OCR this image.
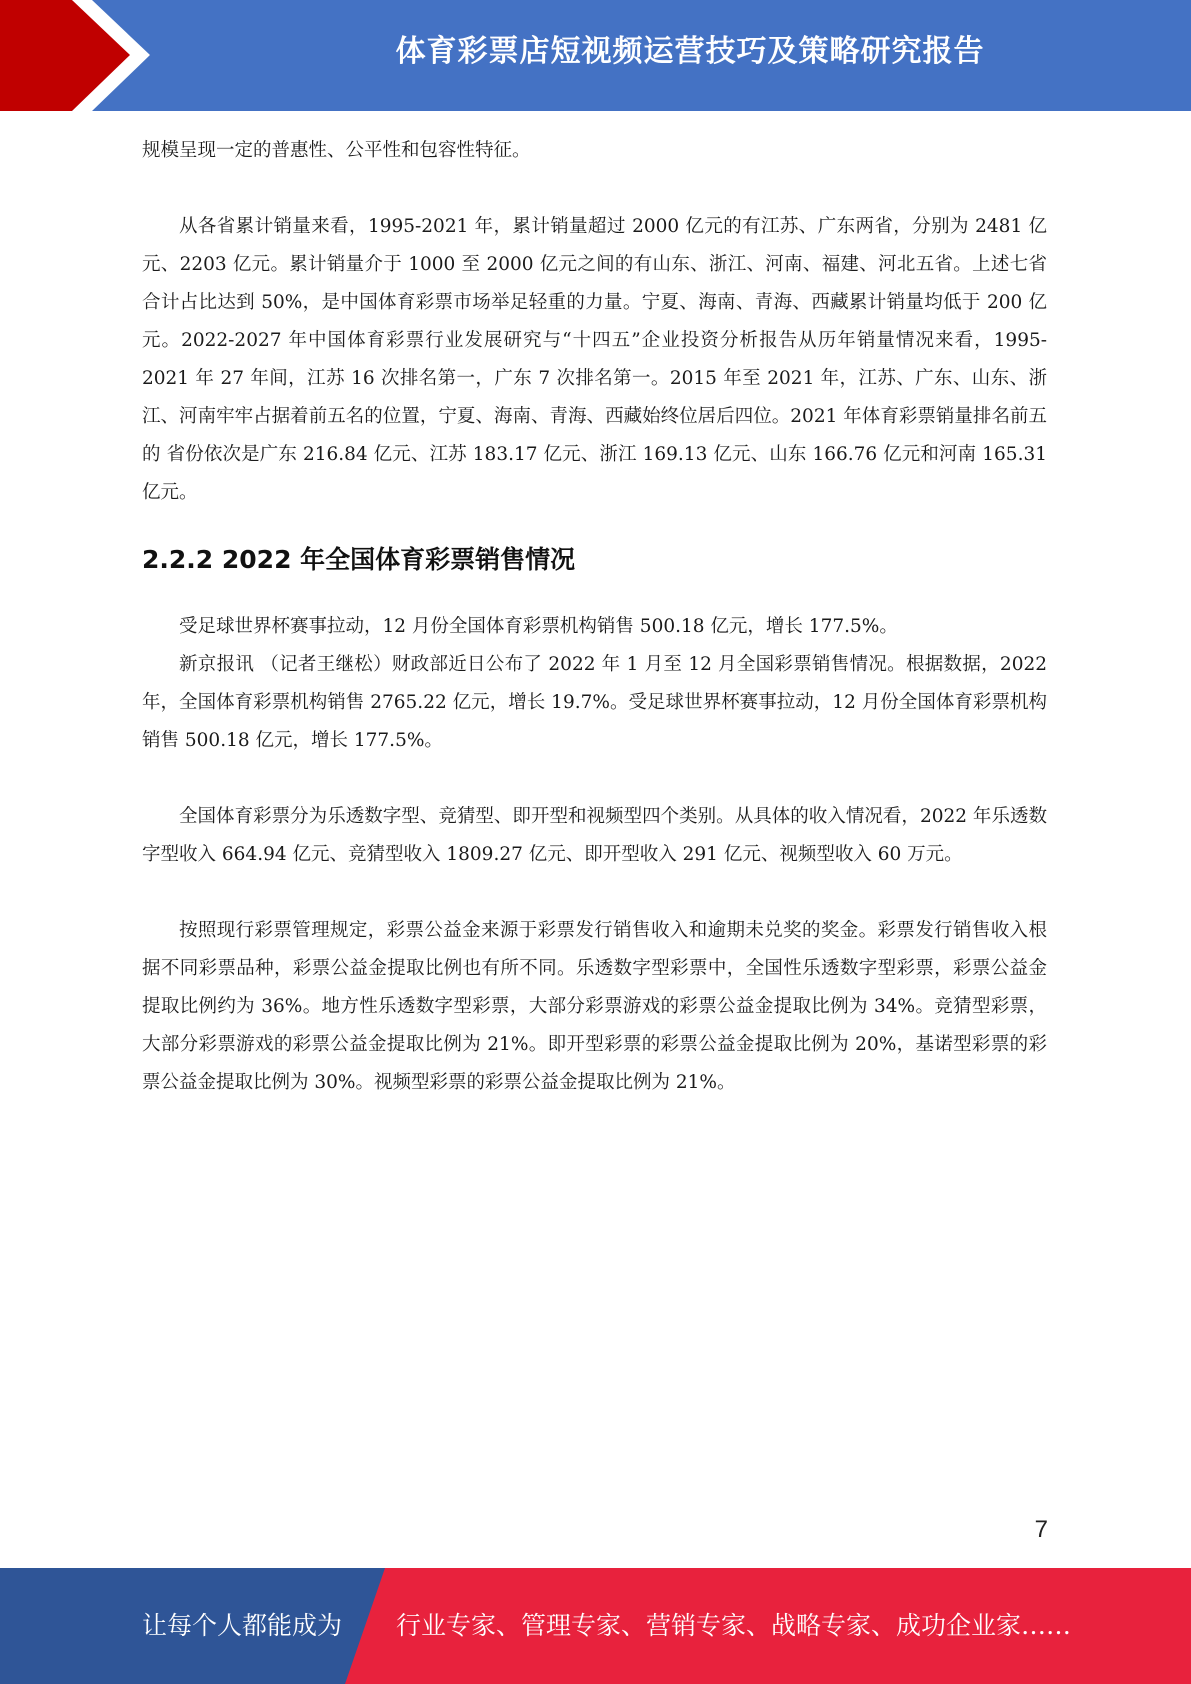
体育彩票店短视频运营技巧及策略研究报告

规模呈现一定的普惠性、公平性和包容性特征。

从各省累计销量来看，1995-2021 年，累计销量超过 2000 亿元的有江苏、广东两省，分别为 2481 亿元、2203 亿元。累计销量介于 1000 至 2000 亿元之间的有山东、浙江、河南、福建、河北五省。上述七省合计占比达到 50%，是中国体育彩票市场举足轻重的力量。宁夏、海南、青海、西藏累计销量均低于 200 亿元。2022-2027 年中国体育彩票行业发展研究与“十四五”企业投资分析报告从历年销量情况来看，1995-2021 年 27 年间，江苏 16 次排名第一，广东 7 次排名第一。2015 年至 2021 年，江苏、广东、山东、浙江、河南牢牢占据着前五名的位置，宁夏、海南、青海、西藏始终位居后四位。2021 年体育彩票销量排名前五的 省份依次是广东 216.84 亿元、江苏 183.17 亿元、浙江 169.13 亿元、山东 166.76 亿元和河南 165.31 亿元。

2.2.2 2022 年全国体育彩票销售情况

受足球世界杯赛事拉动，12 月份全国体育彩票机构销售 500.18 亿元，增长 177.5%。

新京报讯 （记者王继松）财政部近日公布了 2022 年 1 月至 12 月全国彩票销售情况。根据数据，2022 年，全国体育彩票机构销售 2765.22 亿元，增长 19.7%。受足球世界杯赛事拉动，12 月份全国体育彩票机构销售 500.18 亿元，增长 177.5%。

全国体育彩票分为乐透数字型、竞猜型、即开型和视频型四个类别。从具体的收入情况看，2022 年乐透数字型收入 664.94 亿元、竞猜型收入 1809.27 亿元、即开型收入 291 亿元、视频型收入 60 万元。

按照现行彩票管理规定，彩票公益金来源于彩票发行销售收入和逾期未兑奖的奖金。彩票发行销售收入根据不同彩票品种，彩票公益金提取比例也有所不同。乐透数字型彩票中，全国性乐透数字型彩票，彩票公益金提取比例约为 36%。地方性乐透数字型彩票，大部分彩票游戏的彩票公益金提取比例为 34%。竞猜型彩票，大部分彩票游戏的彩票公益金提取比例为 21%。即开型彩票的彩票公益金提取比例为 20%，基诺型彩票的彩票公益金提取比例为 30%。视频型彩票的彩票公益金提取比例为 21%。

7
让每个人都能成为 行业专家、管理专家、营销专家、战略专家、成功企业家……
